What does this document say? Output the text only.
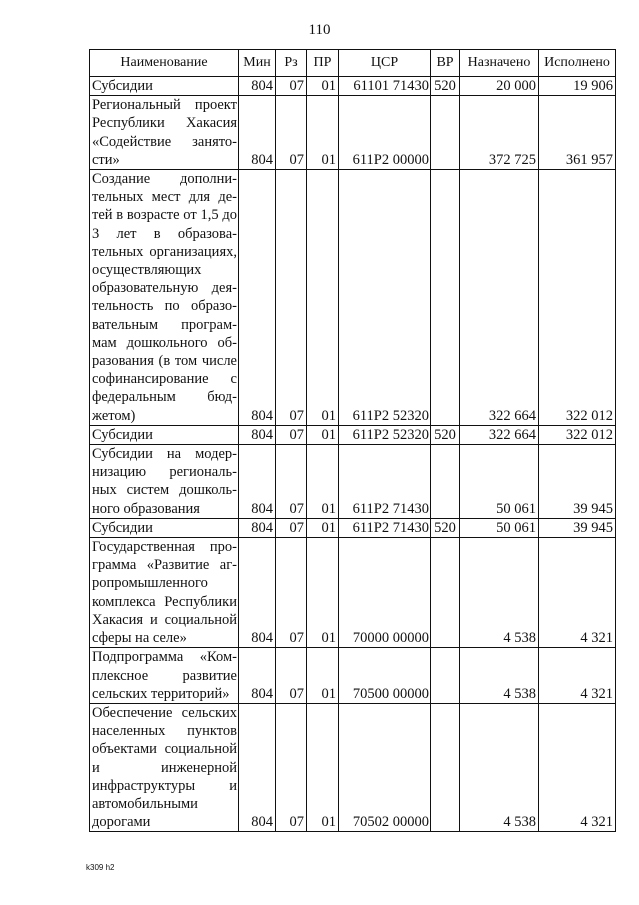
110
Наименование	Мин	Рз	ПР	ЦСР	ВР	Назначено	Исполнено
Субсидии	804	07	01	61101 71430	520	20 000	19 906
Региональный проект Республики Хакасия «Содействие занятости»	804	07	01	611P2 00000		372 725	361 957
Создание дополнительных мест для детей в возрасте от 1,5 до 3 лет в образовательных организациях, осуществляющих образовательную деятельность по образовательным программам дошкольного образования (в том числе софинансирование с федеральным бюджетом)	804	07	01	611P2 52320		322 664	322 012
Субсидии	804	07	01	611P2 52320	520	322 664	322 012
Субсидии на модернизацию региональных систем дошкольного образования	804	07	01	611P2 71430		50 061	39 945
Субсидии	804	07	01	611P2 71430	520	50 061	39 945
Государственная программа «Развитие агропромышленного комплекса Республики Хакасия и социальной сферы на селе»	804	07	01	70000 00000		4 538	4 321
Подпрограмма «Комплексное развитие сельских территорий»	804	07	01	70500 00000		4 538	4 321
Обеспечение сельских населенных пунктов объектами социальной и инженерной инфраструктуры и автомобильными дорогами	804	07	01	70502 00000		4 538	4 321
k309 h2
